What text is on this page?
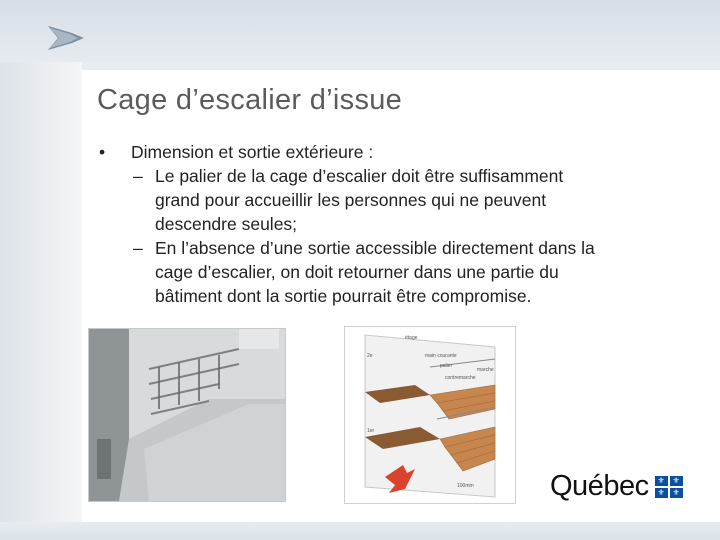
Cage d’escalier d’issue
•	Dimension et sortie extérieure :
– Le palier de la cage d’escalier doit être suffisamment
grand pour accueillir les personnes qui ne peuvent
descendre seules;
– En l’absence d’une sortie accessible directement dans la
cage d’escalier, on doit retourner dans une partie du
bâtiment dont la sortie pourrait être compromise.
2e
1er
étage
main courante
palier
marche
contremarche
100mm	Québec	⚜ ⚜
⚜ ⚜
